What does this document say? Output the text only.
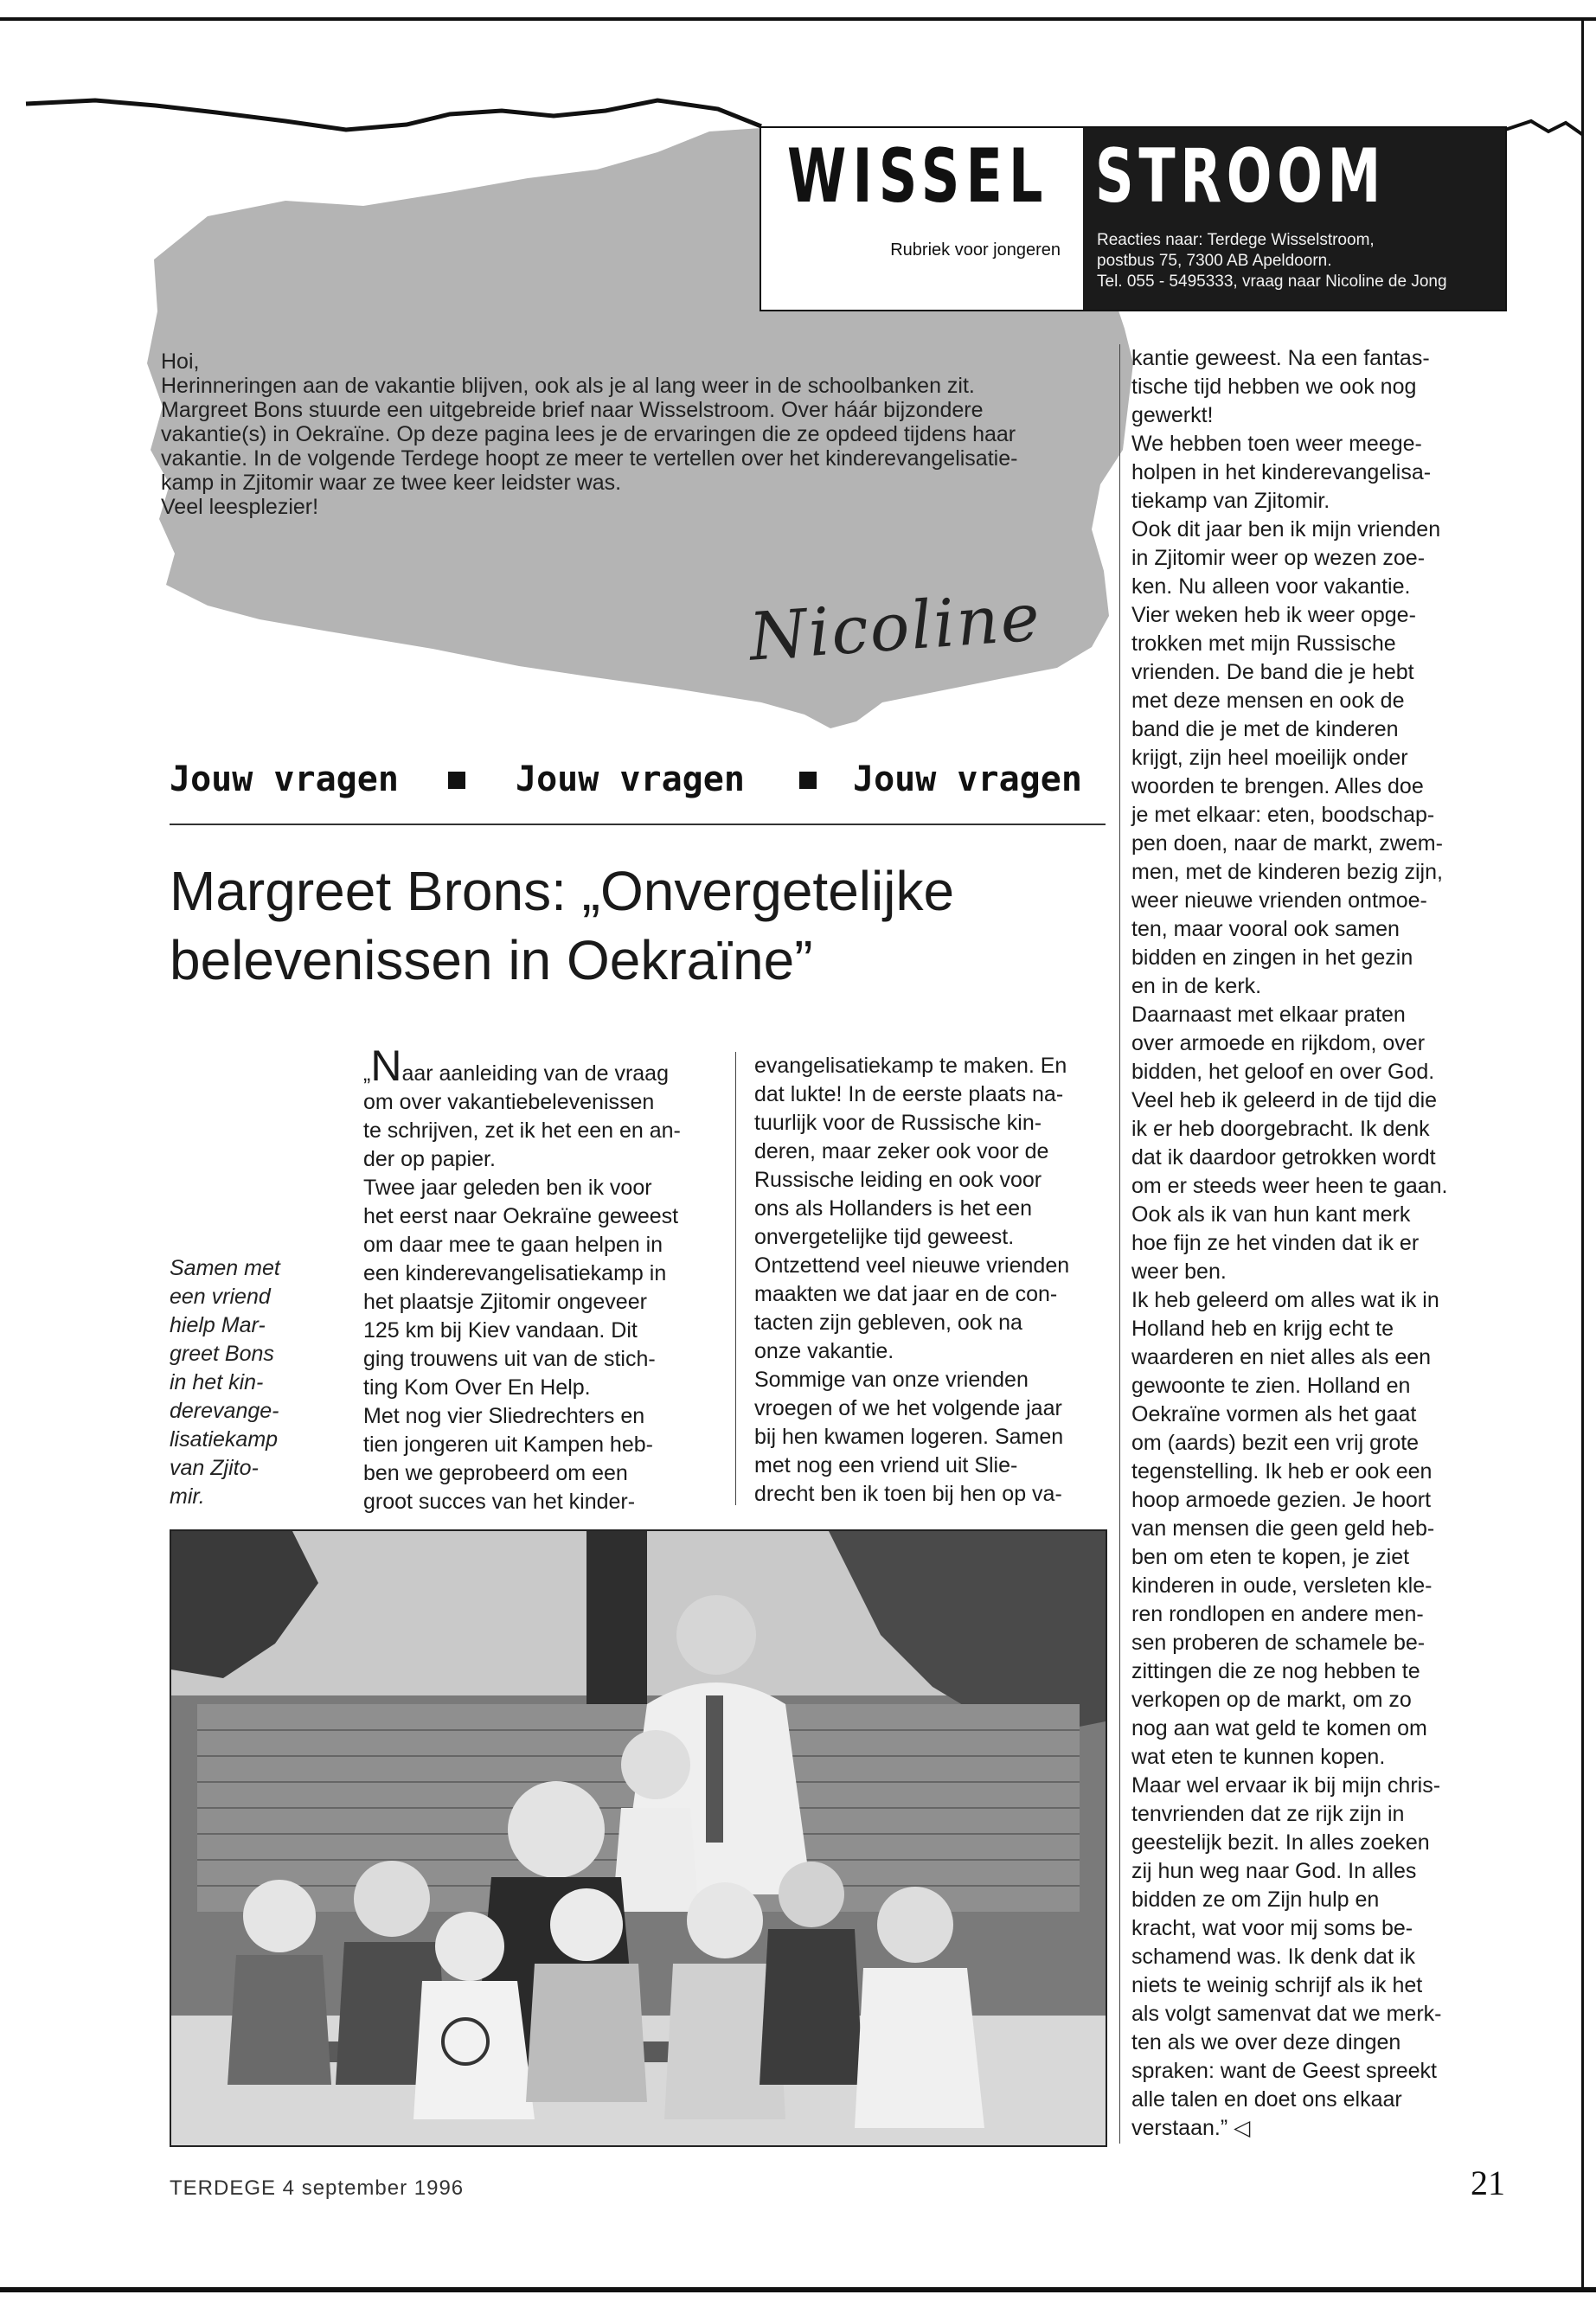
WISSEL
Rubriek voor jongeren
STROOM
Reacties naar: Terdege Wisselstroom,
postbus 75, 7300 AB Apeldoorn.
Tel. 055 - 5495333, vraag naar Nicoline de Jong

Hoi,

Herinneringen aan de vakantie blijven, ook als je al lang weer in de schoolbanken zit.

Margreet Bons stuurde een uitgebreide brief naar Wisselstroom. Over háár bijzondere

vakantie(s) in Oekraïne. Op deze pagina lees je de ervaringen die ze opdeed tijdens haar

vakantie. In de volgende Terdege hoopt ze meer te vertellen over het kinderevangelisatie-

kamp in Zjitomir waar ze twee keer leidster was.

Veel leesplezier!

Nicoline
Jouw vragen	Jouw vragen	Jouw vragen
Margreet Brons: „Onvergetelijke
belevenissen in Oekraïne”
Samen met
een vriend
hielp Mar-
greet Bons
in het kin-
derevange-
lisatiekamp
van Zjito-
mir.
„Naar aanleiding van de vraag
om over vakantiebelevenissen
te schrijven, zet ik het een en an-
der op papier.
Twee jaar geleden ben ik voor
het eerst naar Oekraïne geweest
om daar mee te gaan helpen in
een kinderevangelisatiekamp in
het plaatsje Zjitomir ongeveer
125 km bij Kiev vandaan. Dit
ging trouwens uit van de stich-
ting Kom Over En Help.
Met nog vier Sliedrechters en
tien jongeren uit Kampen heb-
ben we geprobeerd om een
groot succes van het kinder-
evangelisatiekamp te maken. En
dat lukte! In de eerste plaats na-
tuurlijk voor de Russische kin-
deren, maar zeker ook voor de
Russische leiding en ook voor
ons als Hollanders is het een
onvergetelijke tijd geweest.
Ontzettend veel nieuwe vrienden
maakten we dat jaar en de con-
tacten zijn gebleven, ook na
onze vakantie.
Sommige van onze vrienden
vroegen of we het volgende jaar
bij hen kwamen logeren. Samen
met nog een vriend uit Slie-
drecht ben ik toen bij hen op va-
kantie geweest. Na een fantas-
tische tijd hebben we ook nog
gewerkt!
We hebben toen weer meege-
holpen in het kinderevangelisa-
tiekamp van Zjitomir.
Ook dit jaar ben ik mijn vrienden
in Zjitomir weer op wezen zoe-
ken. Nu alleen voor vakantie.
Vier weken heb ik weer opge-
trokken met mijn Russische
vrienden. De band die je hebt
met deze mensen en ook de
band die je met de kinderen
krijgt, zijn heel moeilijk onder
woorden te brengen. Alles doe
je met elkaar: eten, boodschap-
pen doen, naar de markt, zwem-
men, met de kinderen bezig zijn,
weer nieuwe vrienden ontmoe-
ten, maar vooral ook samen
bidden en zingen in het gezin
en in de kerk.
Daarnaast met elkaar praten
over armoede en rijkdom, over
bidden, het geloof en over God.
Veel heb ik geleerd in de tijd die
ik er heb doorgebracht. Ik denk
dat ik daardoor getrokken wordt
om er steeds weer heen te gaan.
Ook als ik van hun kant merk
hoe fijn ze het vinden dat ik er
weer ben.
Ik heb geleerd om alles wat ik in
Holland heb en krijg echt te
waarderen en niet alles als een
gewoonte te zien. Holland en
Oekraïne vormen als het gaat
om (aards) bezit een vrij grote
tegenstelling. Ik heb er ook een
hoop armoede gezien. Je hoort
van mensen die geen geld heb-
ben om eten te kopen, je ziet
kinderen in oude, versleten kle-
ren rondlopen en andere men-
sen proberen de schamele be-
zittingen die ze nog hebben te
verkopen op de markt, om zo
nog aan wat geld te komen om
wat eten te kunnen kopen.
Maar wel ervaar ik bij mijn chris-
tenvrienden dat ze rijk zijn in
geestelijk bezit. In alles zoeken
zij hun weg naar God. In alles
bidden ze om Zijn hulp en
kracht, wat voor mij soms be-
schamend was. Ik denk dat ik
niets te weinig schrijf als ik het
als volgt samenvat dat we merk-
ten als we over deze dingen
spraken: want de Geest spreekt
alle talen en doet ons elkaar
verstaan.” ◁
TERDEGE 4 september 1996	21
